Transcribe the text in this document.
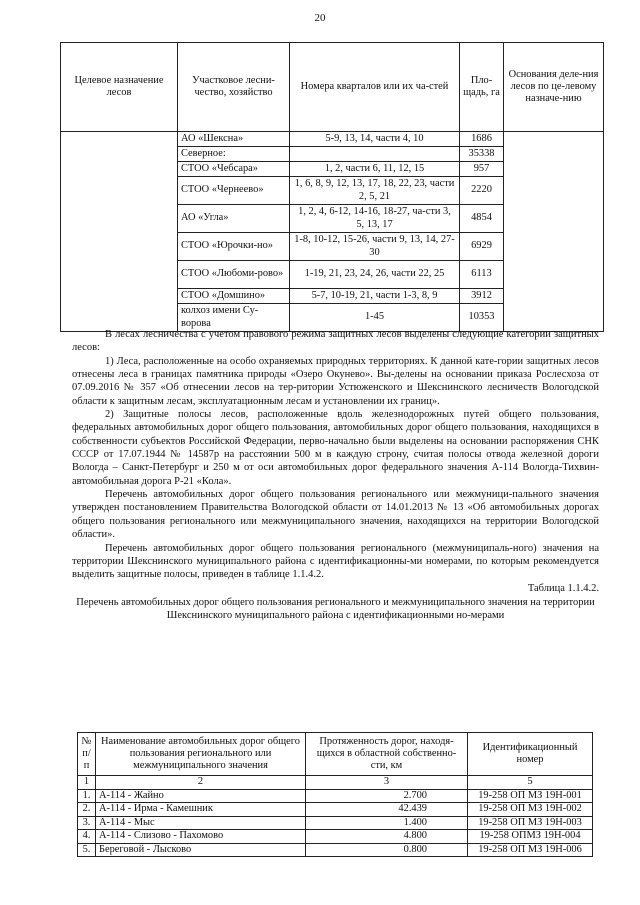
20
Целевое назначение лесов	Участковое лесни-чество, хозяйство	Номера кварталов или их ча-стей	Пло-щадь, га	Основания деле-ния лесов по це-левому назначе-нию
	АО «Шексна»	5-9, 13, 14, части 4, 10	1686	
	Северное:		35338	
	СТОО «Чебсара»	1, 2, части 6, 11, 12, 15	957	
	СТОО «Чернеево»	1, 6, 8, 9, 12, 13, 17, 18, 22, 23, части 2, 5, 21	2220	
	АО «Угла»	1, 2, 4, 6-12, 14-16, 18-27, ча-сти 3, 5, 13, 17	4854	
	СТОО «Юрочки-но»	1-8, 10-12, 15-26, части 9, 13, 14, 27-30	6929	
	СТОО «Любоми-рово»	1-19, 21, 23, 24, 26, части 22, 25	6113	
	СТОО «Домшино»	5-7, 10-19, 21, части 1-3, 8, 9	3912	
	колхоз имени Су-ворова	1-45	10353	

В лесах лесничества с учетом правового режима защитных лесов выделены следующие категории защитных лесов:

1) Леса, расположенные на особо охраняемых природных территориях. К данной кате-гории защитных лесов отнесены леса в границах памятника природы «Озеро Окунево». Вы-делены на основании приказа Рослесхоза от 07.09.2016 № 357 «Об отнесении лесов на тер-ритории Устюженского и Шекснинского лесничеств Вологодской области к защитным лесам, эксплуатационным лесам и установлении их границ».

2) Защитные полосы лесов, расположенные вдоль железнодорожных путей общего пользования, федеральных автомобильных дорог общего пользования, автомобильных дорог общего пользования, находящихся в собственности субъектов Российской Федерации, перво-начально были выделены на основании распоряжения СНК СССР от 17.07.1944 № 14587р на расстоянии 500 м в каждую строну, считая полосы отвода железной дороги Вологда – Санкт-Петербург и 250 м от оси автомобильных дорог федерального значения А-114 Вологда-Тихвин-автомобильная дорога Р-21 «Кола».

Перечень автомобильных дорог общего пользования регионального или межмуници-пального значения утвержден постановлением Правительства Вологодской области от 14.01.2013 № 13 «Об автомобильных дорогах общего пользования регионального или межмуниципального значения, находящихся на территории Вологодской области».

Перечень автомобильных дорог общего пользования регионального (межмуниципаль-ного) значения на территории Шекснинского муниципального района с идентификационны-ми номерами, по которым рекомендуется выделить защитные полосы, приведен в таблице 1.1.4.2.

Таблица 1.1.4.2.

Перечень автомобильных дорог общего пользования регионального и межмуниципального значения на территории Шекснинского муниципального района с идентификационными но-мерами

№ п/п	Наименование автомобильных дорог общего пользования регионального или межмуниципального значения	Протяженность дорог, находя-щихся в областной собственно-сти, км	Идентификационный номер
1	2	3	5
1.	А-114 - Жайно	2.700	19-258 ОП МЗ 19Н-001
2.	А-114 - Ирма - Камешник	42.439	19-258 ОП МЗ 19Н-002
3.	А-114 - Мыс	1.400	19-258 ОП МЗ 19Н-003
4.	А-114 - Слизово - Пахомово	4.800	19-258 ОПМЗ 19Н-004
5.	Береговой - Лысково	0.800	19-258 ОП МЗ 19Н-006
